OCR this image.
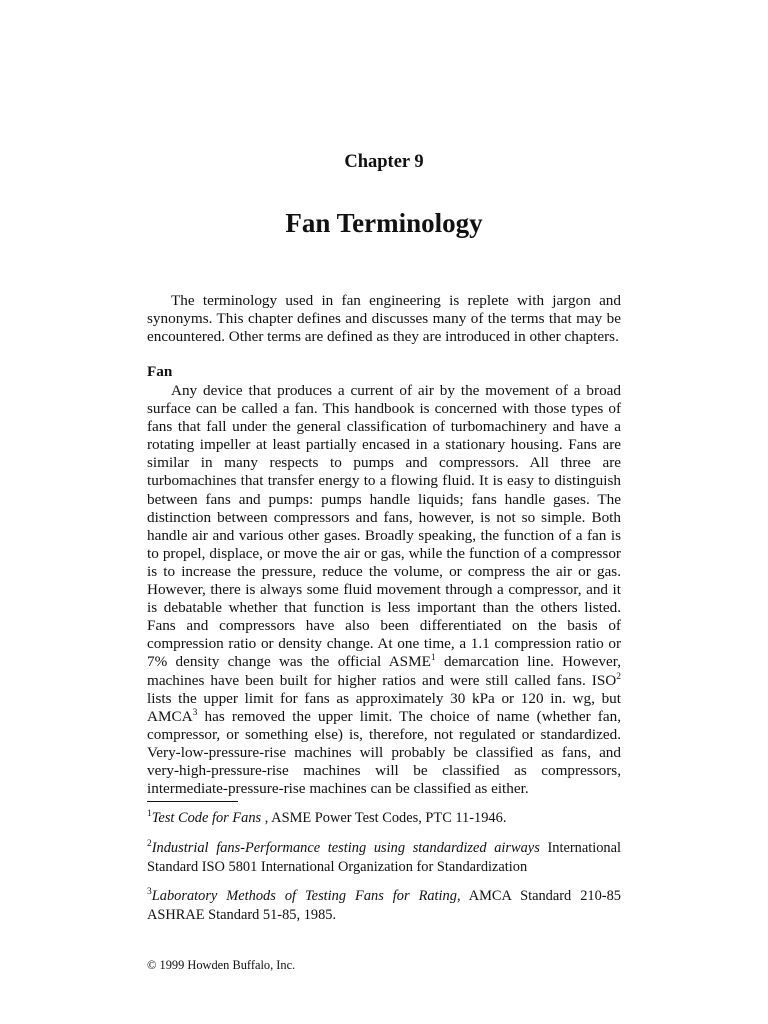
Chapter 9
Fan Terminology

The terminology used in fan engineering is replete with jargon and synonyms. This chapter defines and discusses many of the terms that may be encountered. Other terms are defined as they are introduced in other chapters.

Fan

Any device that produces a current of air by the movement of a broad surface can be called a fan. This handbook is concerned with those types of fans that fall under the general classification of turbomachinery and have a rotating impeller at least partially encased in a stationary housing. Fans are similar in many respects to pumps and compressors. All three are turbomachines that transfer energy to a flowing fluid. It is easy to distinguish between fans and pumps: pumps handle liquids; fans handle gases. The distinction between compressors and fans, however, is not so simple. Both handle air and various other gases. Broadly speaking, the function of a fan is to propel, displace, or move the air or gas, while the function of a compressor is to increase the pressure, reduce the volume, or compress the air or gas. However, there is always some fluid movement through a compressor, and it is debatable whether that function is less important than the others listed. Fans and compressors have also been differentiated on the basis of compression ratio or density change. At one time, a 1.1 compression ratio or 7% density change was the official ASME$^1$ demarcation line. However, machines have been built for higher ratios and were still called fans. ISO$^2$ lists the upper limit for fans as approximately 30 kPa or 120 in. wg, but AMCA$^3$ has removed the upper limit. The choice of name (whether fan, compressor, or something else) is, therefore, not regulated or standardized. Very-low-pressure-rise machines will probably be classified as fans, and very-high-pressure-rise machines will be classified as compressors, intermediate-pressure-rise machines can be classified as either.

$^1$Test Code for Fans , ASME Power Test Codes, PTC 11-1946.

$^2$Industrial fans-Performance testing using standardized airways International Standard ISO 5801 International Organization for Standardization

$^3$Laboratory Methods of Testing Fans for Rating, AMCA Standard 210-85 ASHRAE Standard 51-85, 1985.

© 1999 Howden Buffalo, Inc.
